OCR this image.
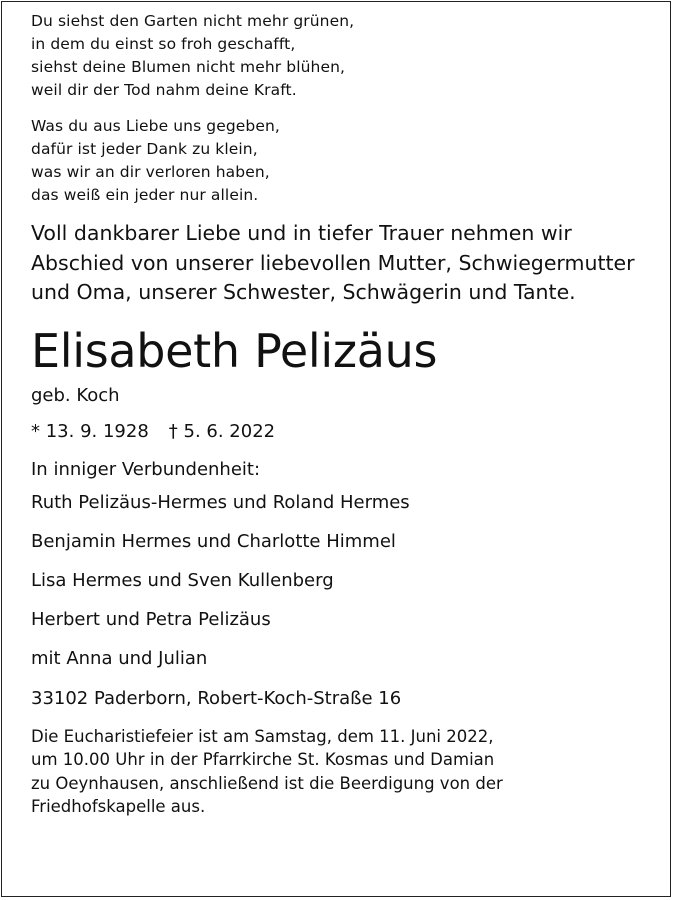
Du siehst den Garten nicht mehr grünen,
in dem du einst so froh geschafft,
siehst deine Blumen nicht mehr blühen,
weil dir der Tod nahm deine Kraft.
Was du aus Liebe uns gegeben,
dafür ist jeder Dank zu klein,
was wir an dir verloren haben,
das weiß ein jeder nur allein.
Voll dankbarer Liebe und in tiefer Trauer nehmen wir
Abschied von unserer liebevollen Mutter, Schwiegermutter
und Oma, unserer Schwester, Schwägerin und Tante.
Elisabeth Pelizäus
geb. Koch
* 13. 9. 1928 † 5. 6. 2022
In inniger Verbundenheit:
Ruth Pelizäus-Hermes und Roland Hermes
Benjamin Hermes und Charlotte Himmel
Lisa Hermes und Sven Kullenberg
Herbert und Petra Pelizäus
mit Anna und Julian
33102 Paderborn, Robert-Koch-Straße 16
Die Eucharistiefeier ist am Samstag, dem 11. Juni 2022,
um 10.00 Uhr in der Pfarrkirche St. Kosmas und Damian
zu Oeynhausen, anschließend ist die Beerdigung von der
Friedhofskapelle aus.
